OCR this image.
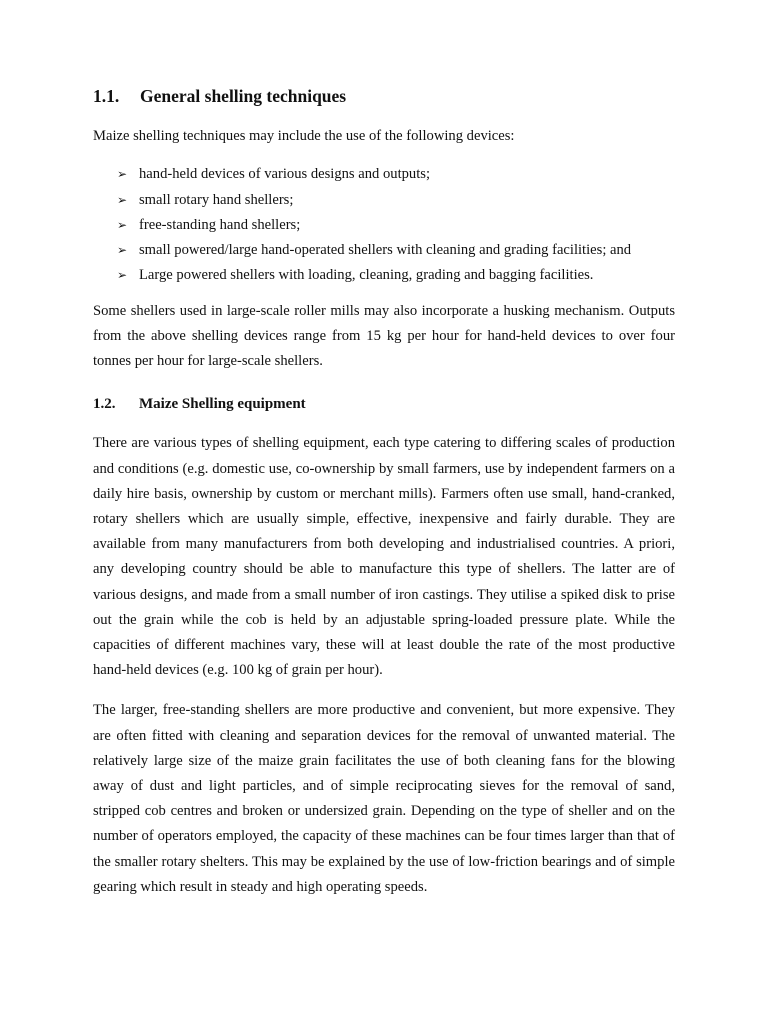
1.1.	General shelling techniques

Maize shelling techniques may include the use of the following devices:

➢ hand-held devices of various designs and outputs;
➢ small rotary hand shellers;
➢ free-standing hand shellers;
➢ small powered/large hand-operated shellers with cleaning and grading facilities; and
➢ Large powered shellers with loading, cleaning, grading and bagging facilities.

Some shellers used in large-scale roller mills may also incorporate a husking mechanism. Outputs from the above shelling devices range from 15 kg per hour for hand-held devices to over four tonnes per hour for large-scale shellers.

1.2.	Maize Shelling equipment

There are various types of shelling equipment, each type catering to differing scales of production and conditions (e.g. domestic use, co-ownership by small farmers, use by independent farmers on a daily hire basis, ownership by custom or merchant mills). Farmers often use small, hand-cranked, rotary shellers which are usually simple, effective, inexpensive and fairly durable. They are available from many manufacturers from both developing and industrialised countries. A priori, any developing country should be able to manufacture this type of shellers. The latter are of various designs, and made from a small number of iron castings. They utilise a spiked disk to prise out the grain while the cob is held by an adjustable spring-loaded pressure plate. While the capacities of different machines vary, these will at least double the rate of the most productive hand-held devices (e.g. 100 kg of grain per hour).

The larger, free-standing shellers are more productive and convenient, but more expensive. They are often fitted with cleaning and separation devices for the removal of unwanted material. The relatively large size of the maize grain facilitates the use of both cleaning fans for the blowing away of dust and light particles, and of simple reciprocating sieves for the removal of sand, stripped cob centres and broken or undersized grain. Depending on the type of sheller and on the number of operators employed, the capacity of these machines can be four times larger than that of the smaller rotary shelters. This may be explained by the use of low-friction bearings and of simple gearing which result in steady and high operating speeds.
